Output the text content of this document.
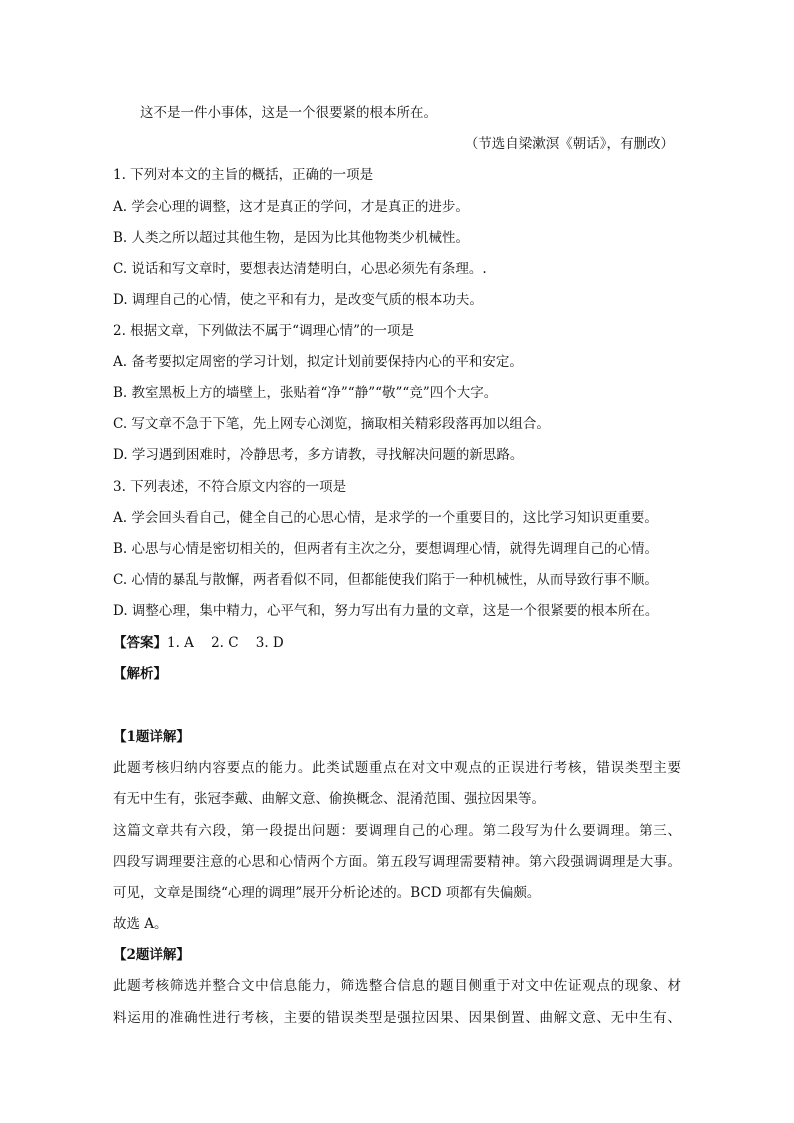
这不是一件小事体，这是一个很要紧的根本所在。
（节选自梁漱溟《朝话》，有删改）
1. 下列对本文的主旨的概括，正确的一项是
A. 学会心理的调整，这才是真正的学问，才是真正的进步。
B. 人类之所以超过其他生物，是因为比其他物类少机械性。
C. 说话和写文章时，要想表达清楚明白，心思必须先有条理。.
D. 调理自己的心情，使之平和有力，是改变气质的根本功夫。
2. 根据文章，下列做法不属于“调理心情”的一项是
A. 备考要拟定周密的学习计划，拟定计划前要保持内心的平和安定。
B. 教室黑板上方的墙壁上，张贴着“净”“静”“敬”“竞”四个大字。
C. 写文章不急于下笔，先上网专心浏览，摘取相关精彩段落再加以组合。
D. 学习遇到困难时，冷静思考，多方请教，寻找解决问题的新思路。
3. 下列表述，不符合原文内容的一项是
A. 学会回头看自己，健全自己的心思心情，是求学的一个重要目的，这比学习知识更重要。
B. 心思与心情是密切相关的，但两者有主次之分，要想调理心情，就得先调理自己的心情。
C. 心情的暴乱与散懈，两者看似不同，但都能使我们陷于一种机械性，从而导致行事不顺。
D. 调整心理，集中精力，心平气和，努力写出有力量的文章，这是一个很紧要的根本所在。
【答案】1. A    2. C    3. D
【解析】
【1题详解】
此题考核归纳内容要点的能力。此类试题重点在对文中观点的正误进行考核，错误类型主要
有无中生有，张冠李戴、曲解文意、偷换概念、混淆范围、强拉因果等。
这篇文章共有六段，第一段提出问题：要调理自己的心理。第二段写为什么要调理。第三、
四段写调理要注意的心思和心情两个方面。第五段写调理需要精神。第六段强调调理是大事。
可见，文章是围绕“心理的调理”展开分析论述的。BCD 项都有失偏颇。
故选 A。
【2题详解】
此题考核筛选并整合文中信息能力，筛选整合信息的题目侧重于对文中佐证观点的现象、材
料运用的准确性进行考核，主要的错误类型是强拉因果、因果倒置、曲解文意、无中生有、
